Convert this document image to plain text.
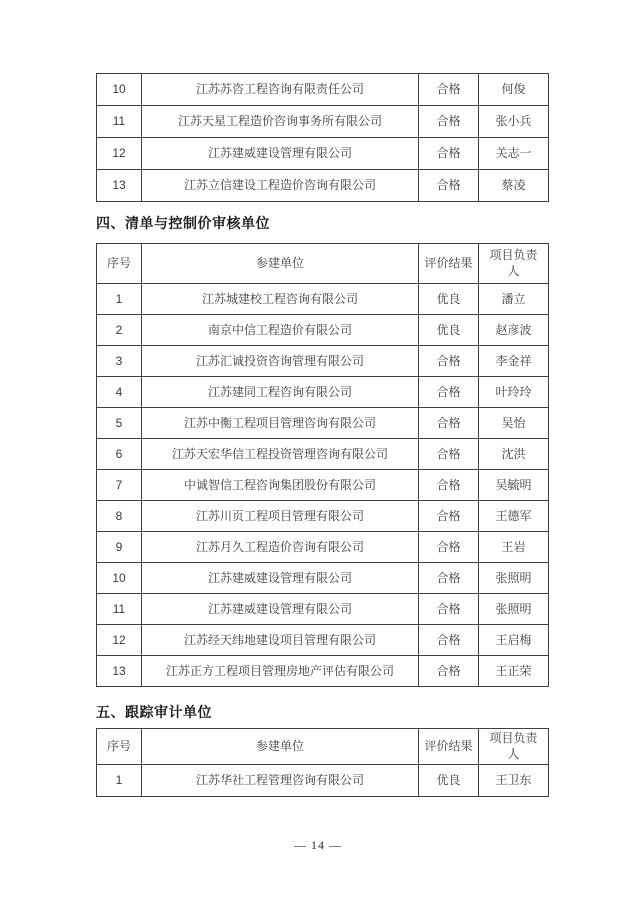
10	江苏苏咨工程咨询有限责任公司	合格	何俊
11	江苏天星工程造价咨询事务所有限公司	合格	张小兵
12	江苏建威建设管理有限公司	合格	关志一
13	江苏立信建设工程造价咨询有限公司	合格	蔡凌
四、清单与控制价审核单位
序号	参建单位	评价结果	项目负责人
1	江苏城建校工程咨询有限公司	优良	潘立
2	南京中信工程造价有限公司	优良	赵彦波
3	江苏汇诚投资咨询管理有限公司	合格	李金祥
4	江苏建同工程咨询有限公司	合格	叶玲玲
5	江苏中衡工程项目管理咨询有限公司	合格	吴怡
6	江苏天宏华信工程投资管理咨询有限公司	合格	沈洪
7	中诚智信工程咨询集团股份有限公司	合格	吴毓明
8	江苏川页工程项目管理有限公司	合格	王德军
9	江苏月久工程造价咨询有限公司	合格	王岩
10	江苏建威建设管理有限公司	合格	张照明
11	江苏建威建设管理有限公司	合格	张照明
12	江苏经天纬地建设项目管理有限公司	合格	王启梅
13	江苏正方工程项目管理房地产评估有限公司	合格	王正荣
五、跟踪审计单位
序号	参建单位	评价结果	项目负责人
1	江苏华社工程管理咨询有限公司	优良	王卫东
— 14 —
